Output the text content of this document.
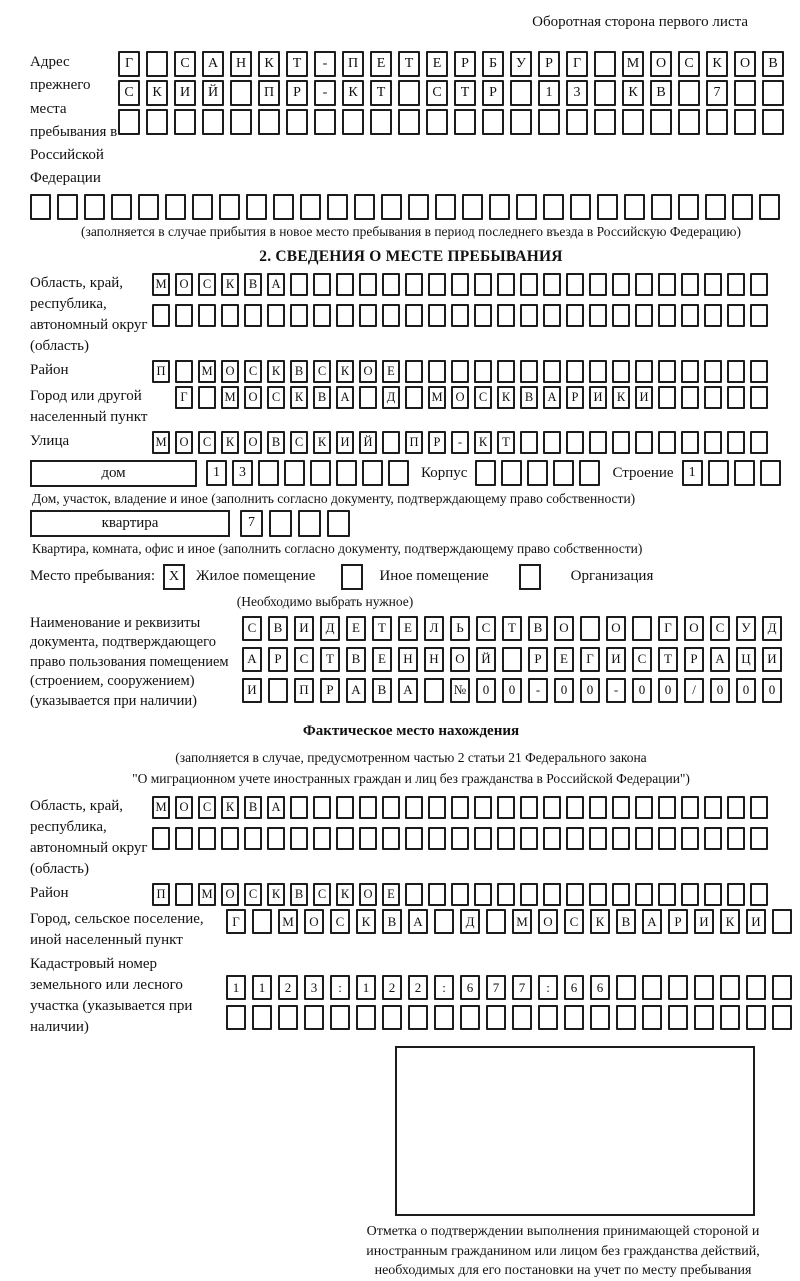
Оборотная сторона первого листа
Адрес прежнего места пребывания в Российской Федерации
Г	С	А	Н	К	Т	-	П	Е	Т	Е	Р	Б	У	Р	Г	М	О	С	К	О	В
С	К	И	Й	П	Р	-	К	Т	С	Т	Р	1	3	К	В	7
(заполняется в случае прибытия в новое место пребывания в период последнего въезда в Российскую Федерацию)
2. СВЕДЕНИЯ О МЕСТЕ ПРЕБЫВАНИЯ
Область, край, республика, автономный округ (область)
М	О	С	К	В	А
Район	П	М	О	С	К	В	С	К	О	Е
Город или другой населенный пункт
Г	М	О	С	К	В	А	Д	М	О	С	К	В	А	Р	И	К	И
Улица	М	О	С	К	О	В	С	К	И	Й	П	Р	-	К	Т
дом	1	3	Корпус	Строение	1
Дом, участок, владение и иное (заполнить согласно документу, подтверждающему право собственности)
квартира	7
Квартира, комната, офис и иное (заполнить согласно документу, подтверждающему право собственности)
Место пребывания: X	Жилое помещение	Иное помещение	Организация
(Необходимо выбрать нужное)
Наименование и реквизиты документа, подтверждающего право пользования помещением (строением, сооружением) (указывается при наличии)
С	В	И	Д	Е	Т	Е	Л	Ь	С	Т	В	О	О	Г	О	С	У	Д
А	Р	С	Т	В	Е	Н	Н	О	Й	Р	Е	Г	И	С	Т	Р	А	Ц	И
И	П	Р	А	В	А	№	0	0	-	0	0	-	0	0	/	0	0	0
Фактическое место нахождения
(заполняется в случае, предусмотренном частью 2 статьи 21 Федерального закона
"О миграционном учете иностранных граждан и лиц без гражданства в Российской Федерации")
Область, край, республика, автономный округ (область)
М	О	С	К	В	А
Район	П	М	О	С	К	В	С	К	О	Е
Город, сельское поселение, иной населенный пункт
Г	М	О	С	К	В	А	Д	М	О	С	К	В	А	Р	И	К	И
Кадастровый номер земельного или лесного участка (указывается при наличии)
1	1	2	3	:	1	2	2	:	6	7	7	:	6	6
Отметка о подтверждении выполнения принимающей стороной и иностранным гражданином или лицом без гражданства действий, необходимых для его постановки на учет по месту пребывания
